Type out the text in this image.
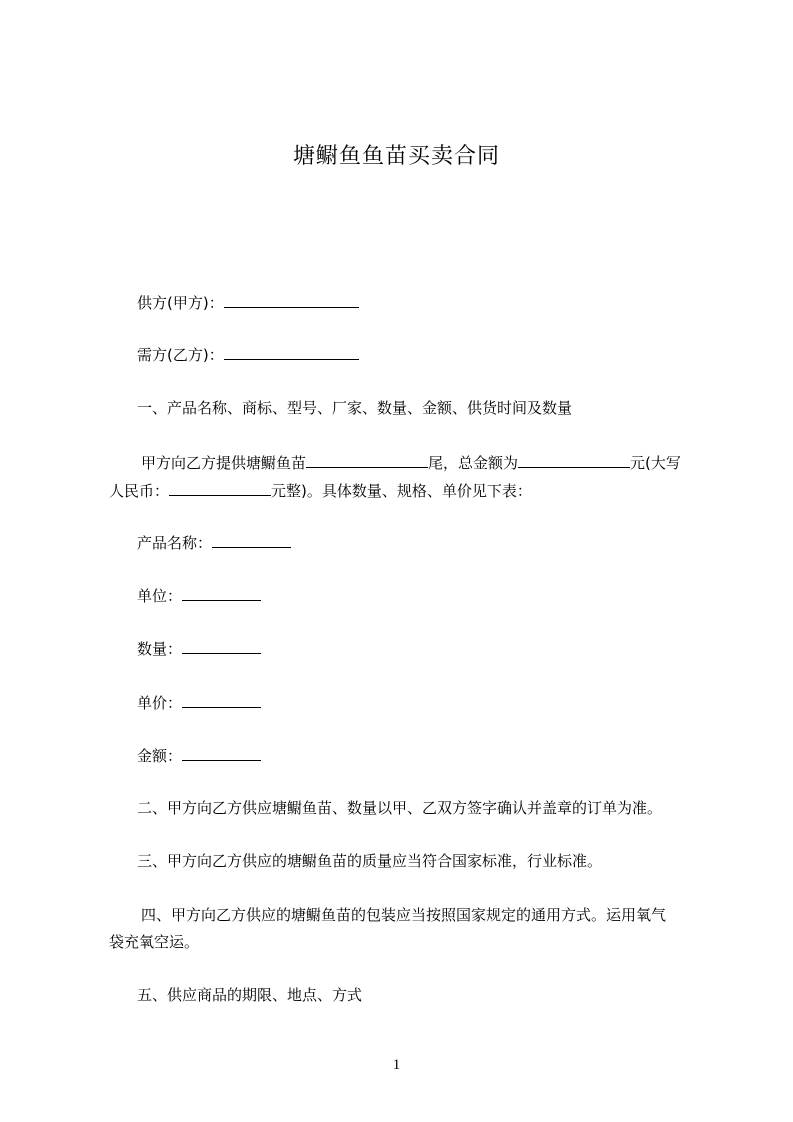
塘鳚鱼鱼苗买卖合同
供方(甲方)：
需方(乙方)：
一、产品名称、商标、型号、厂家、数量、金额、供货时间及数量
甲方向乙方提供塘鳚鱼苗	尾，总金额为	元(大写
人民币：	元整)。具体数量、规格、单价见下表：
产品名称：
单位：
数量：
单价：
金额：
二、甲方向乙方供应塘鳚鱼苗、数量以甲、乙双方签字确认并盖章的订单为准。
三、甲方向乙方供应的塘鳚鱼苗的质量应当符合国家标准，行业标准。
四、甲方向乙方供应的塘鳚鱼苗的包装应当按照国家规定的通用方式。运用氧气
袋充氧空运。
五、供应商品的期限、地点、方式
1
